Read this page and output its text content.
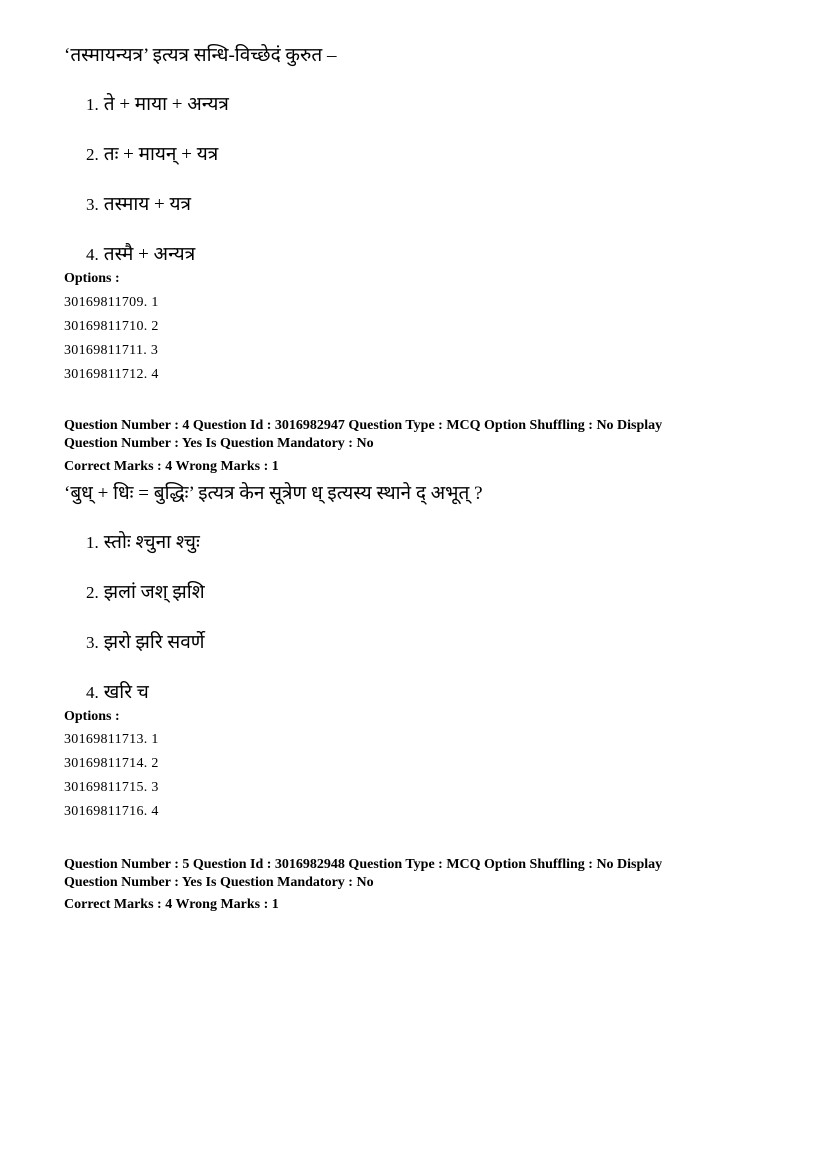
‘तस्मायन्यत्र’ इत्यत्र सन्धि-विच्छेदं कुरुत –
1. ते + माया + अन्यत्र
2. तः + मायन् + यत्र
3. तस्माय + यत्र
4. तस्मै + अन्यत्र
Options :
30169811709. 1
30169811710. 2
30169811711. 3
30169811712. 4
Question Number : 4 Question Id : 3016982947 Question Type : MCQ Option Shuffling : No Display
Question Number : Yes Is Question Mandatory : No
Correct Marks : 4 Wrong Marks : 1
‘बुध् + धिः = बुद्धिः’ इत्यत्र केन सूत्रेण ध् इत्यस्य स्थाने द् अभूत् ?
1. स्तोः श्चुना श्चुः
2. झलां जश् झशि
3. झरो झरि सवर्णे
4. खरि च
Options :
30169811713. 1
30169811714. 2
30169811715. 3
30169811716. 4
Question Number : 5 Question Id : 3016982948 Question Type : MCQ Option Shuffling : No Display
Question Number : Yes Is Question Mandatory : No
Correct Marks : 4 Wrong Marks : 1
